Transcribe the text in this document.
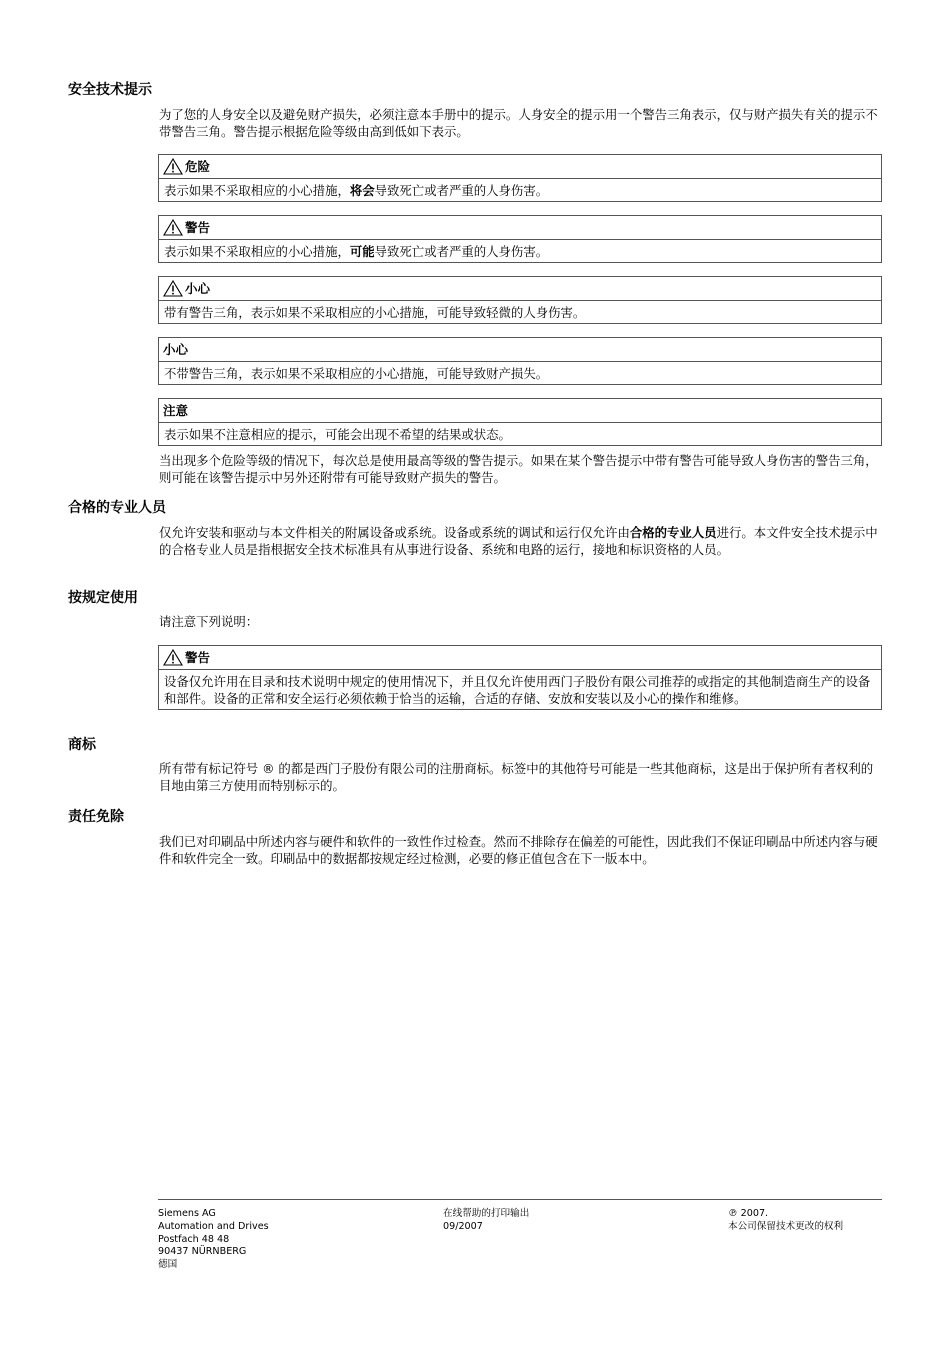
安全技术提示
为了您的人身安全以及避免财产损失，必须注意本手册中的提示。人身安全的提示用一个警告三角表示，仅与财产损失有关的提示不带警告三角。警告提示根据危险等级由高到低如下表示。
危险
表示如果不采取相应的小心措施，将会导致死亡或者严重的人身伤害。
警告
表示如果不采取相应的小心措施，可能导致死亡或者严重的人身伤害。
小心
带有警告三角，表示如果不采取相应的小心措施，可能导致轻微的人身伤害。
小心
不带警告三角，表示如果不采取相应的小心措施，可能导致财产损失。
注意
表示如果不注意相应的提示，可能会出现不希望的结果或状态。
当出现多个危险等级的情况下，每次总是使用最高等级的警告提示。如果在某个警告提示中带有警告可能导致人身伤害的警告三角，则可能在该警告提示中另外还附带有可能导致财产损失的警告。
合格的专业人员
仅允许安装和驱动与本文件相关的附属设备或系统。设备或系统的调试和运行仅允许由合格的专业人员进行。本文件安全技术提示中的合格专业人员是指根据安全技术标准具有从事进行设备、系统和电路的运行，接地和标识资格的人员。
按规定使用
请注意下列说明：
警告
设备仅允许用在目录和技术说明中规定的使用情况下，并且仅允许使用西门子股份有限公司推荐的或指定的其他制造商生产的设备和部件。设备的正常和安全运行必须依赖于恰当的运输，合适的存储、安放和安装以及小心的操作和维修。
商标
所有带有标记符号 ® 的都是西门子股份有限公司的注册商标。标签中的其他符号可能是一些其他商标，这是出于保护所有者权利的 目地由第三方使用而特别标示的。
责任免除
我们已对印刷品中所述内容与硬件和软件的一致性作过检查。然而不排除存在偏差的可能性，因此我们不保证印刷品中所述内容与硬件和软件完全一致。印刷品中的数据都按规定经过检测，必要的修正值包含在下一版本中。
Siemens AG
Automation and Drives
Postfach 48 48
90437 NÜRNBERG
德国
在线帮助的打印输出
09/2007
℗ 2007.
本公司保留技术更改的权利
